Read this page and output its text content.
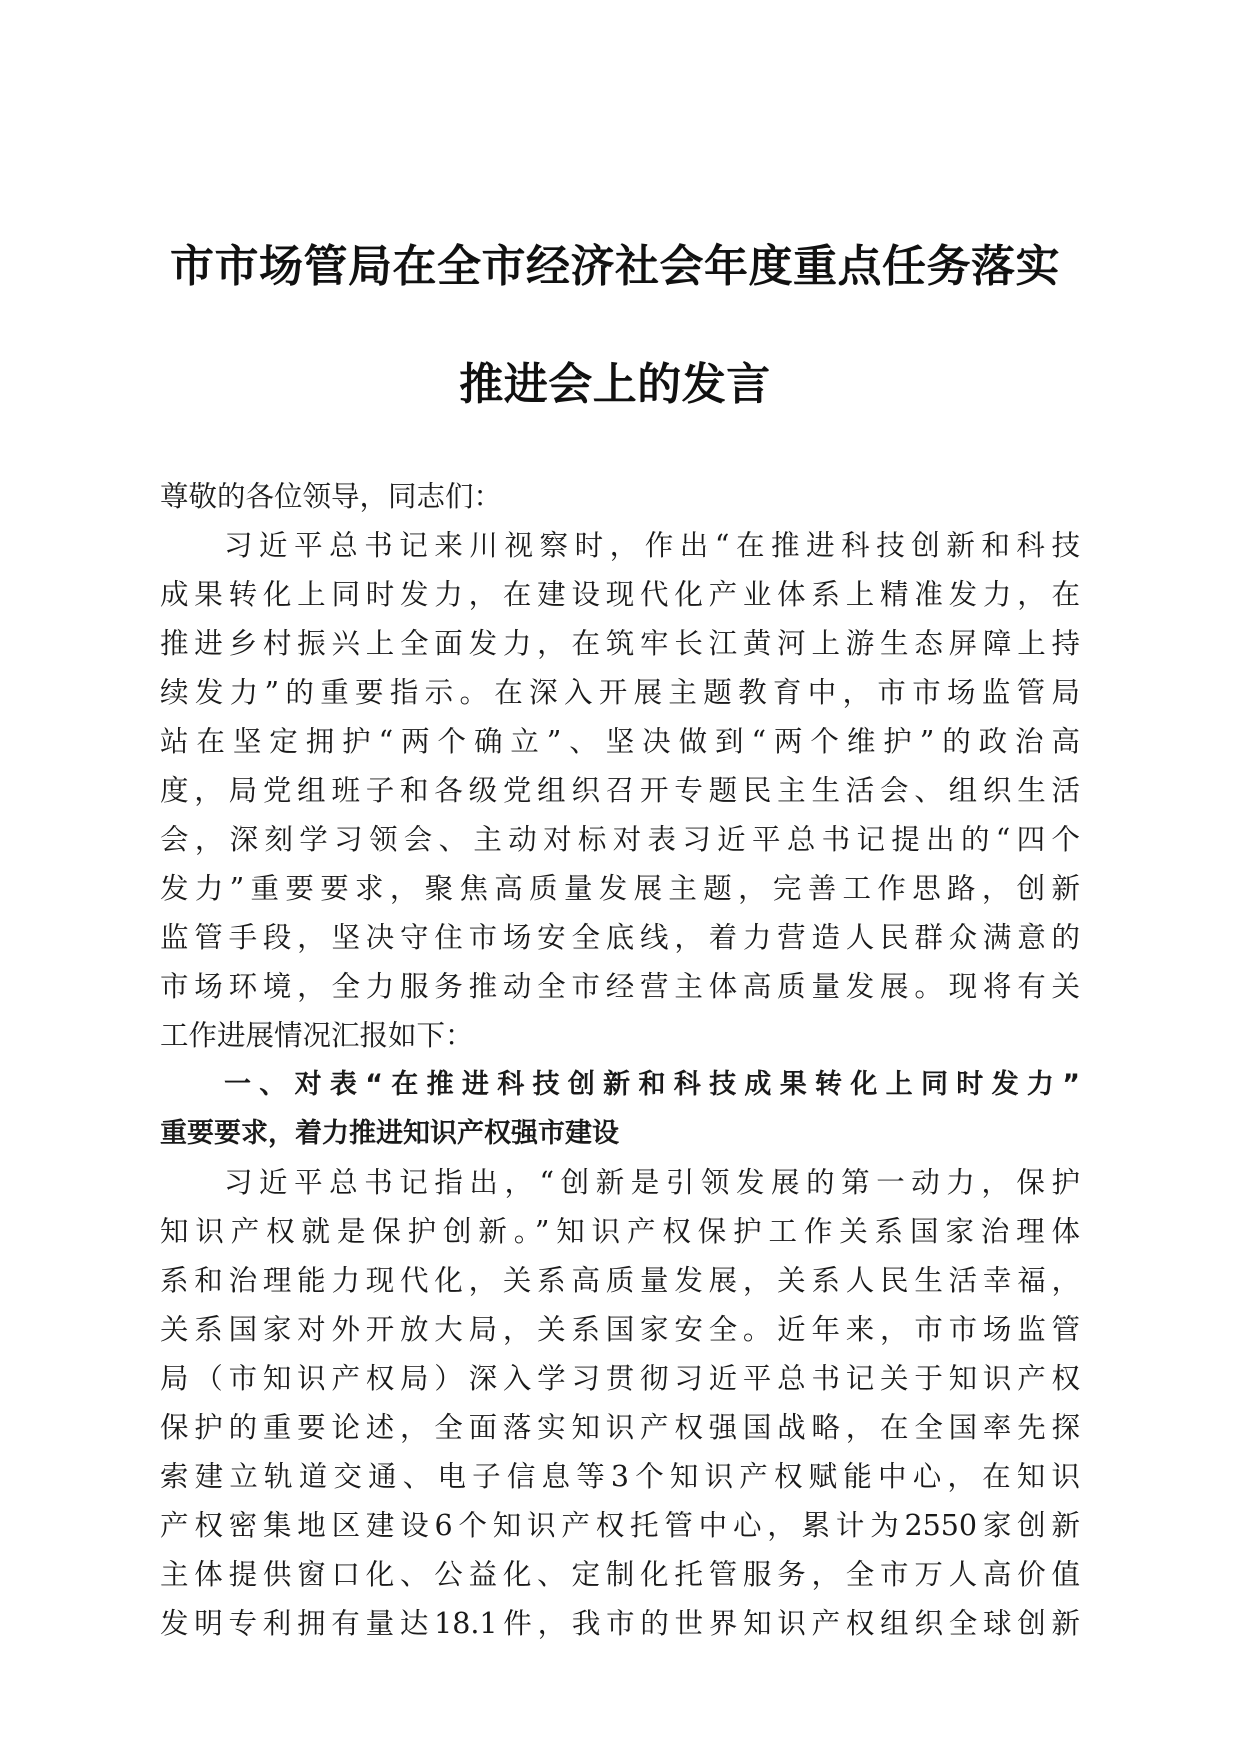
市市场管局在全市经济社会年度重点任务落实
推进会上的发言
尊敬的各位领导，同志们：
习近平总书记来川视察时，作出“在推进科技创新和科技
成果转化上同时发力，在建设现代化产业体系上精准发力，在
推进乡村振兴上全面发力，在筑牢长江黄河上游生态屏障上持
续发力”的重要指示。在深入开展主题教育中，市市场监管局
站在坚定拥护“两个确立”、坚决做到“两个维护”的政治高
度，局党组班子和各级党组织召开专题民主生活会、组织生活
会，深刻学习领会、主动对标对表习近平总书记提出的“四个
发力”重要要求，聚焦高质量发展主题，完善工作思路，创新
监管手段，坚决守住市场安全底线，着力营造人民群众满意的
市场环境，全力服务推动全市经营主体高质量发展。现将有关
工作进展情况汇报如下：
一、对表“在推进科技创新和科技成果转化上同时发力”
重要要求，着力推进知识产权强市建设
习近平总书记指出，“创新是引领发展的第一动力，保护
知识产权就是保护创新。”知识产权保护工作关系国家治理体
系和治理能力现代化，关系高质量发展，关系人民生活幸福，
关系国家对外开放大局，关系国家安全。近年来，市市场监管
局（市知识产权局）深入学习贯彻习近平总书记关于知识产权
保护的重要论述，全面落实知识产权强国战略，在全国率先探
索建立轨道交通、电子信息等3个知识产权赋能中心，在知识
产权密集地区建设6个知识产权托管中心，累计为2550家创新
主体提供窗口化、公益化、定制化托管服务，全市万人高价值
发明专利拥有量达18.1件，我市的世界知识产权组织全球创新
